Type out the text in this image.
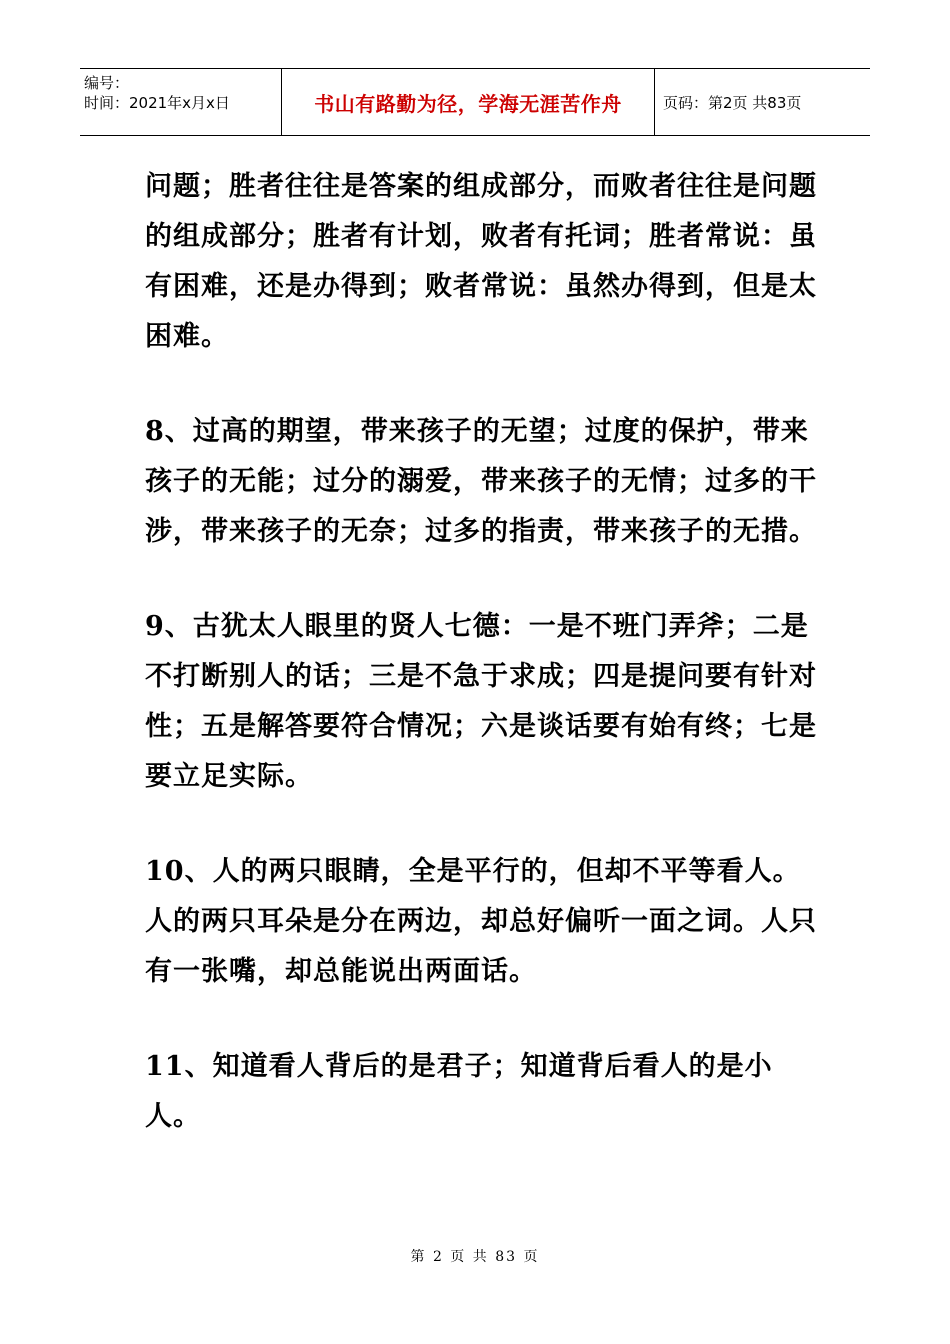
编号：
时间：2021年x月x日	书山有路勤为径，学海无涯苦作舟	页码：第2页 共83页

问题；胜者往往是答案的组成部分，而败者往往是问题的组成部分；胜者有计划，败者有托词；胜者常说：虽有困难，还是办得到；败者常说：虽然办得到，但是太困难。

8、过高的期望，带来孩子的无望；过度的保护，带来孩子的无能；过分的溺爱，带来孩子的无情；过多的干涉，带来孩子的无奈；过多的指责，带来孩子的无措。

9、古犹太人眼里的贤人七德：一是不班门弄斧；二是不打断别人的话；三是不急于求成；四是提问要有针对性；五是解答要符合情况；六是谈话要有始有终；七是要立足实际。

10、人的两只眼睛，全是平行的，但却不平等看人。人的两只耳朵是分在两边，却总好偏听一面之词。人只有一张嘴，却总能说出两面话。

11、知道看人背后的是君子；知道背后看人的是小人。

第 2 页 共 83 页
